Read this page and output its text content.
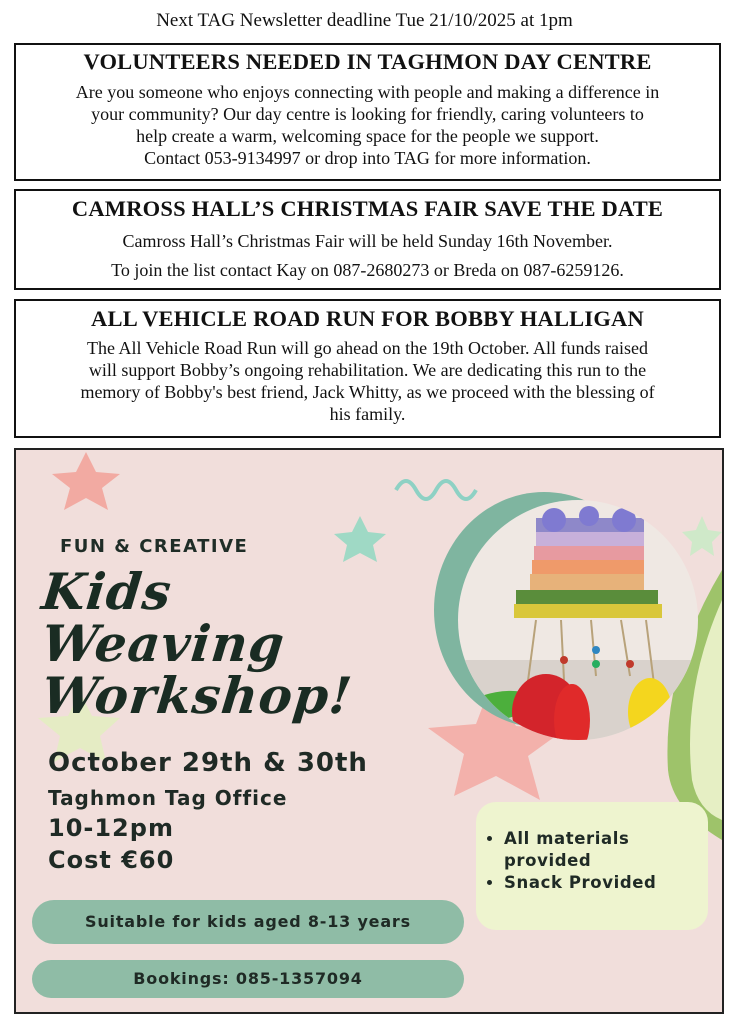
Next TAG Newsletter deadline Tue 21/10/2025 at 1pm
VOLUNTEERS NEEDED IN TAGHMON DAY CENTRE

Are you someone who enjoys connecting with people and making a difference in

your community? Our day centre is looking for friendly, caring volunteers to

help create a warm, welcoming space for the people we support.

Contact 053-9134997 or drop into TAG for more information.

CAMROSS HALL’S CHRISTMAS FAIR SAVE THE DATE

Camross Hall’s Christmas Fair will be held Sunday 16th November.

To join the list contact Kay on 087-2680273 or Breda on 087-6259126.

ALL VEHICLE ROAD RUN FOR BOBBY HALLIGAN

The All Vehicle Road Run will go ahead on the 19th October. All funds raised

will support Bobby’s ongoing rehabilitation. We are dedicating this run to the

memory of Bobby's best friend, Jack Whitty, as we proceed with the blessing of

his family.

FUN & CREATIVE
Kids
Weaving
Workshop!
October 29th & 30th
Taghmon Tag Office
10-12pm
Cost €60
• All materials provided
• Snack Provided
Suitable for kids aged 8-13 years
Bookings: 085-1357094
